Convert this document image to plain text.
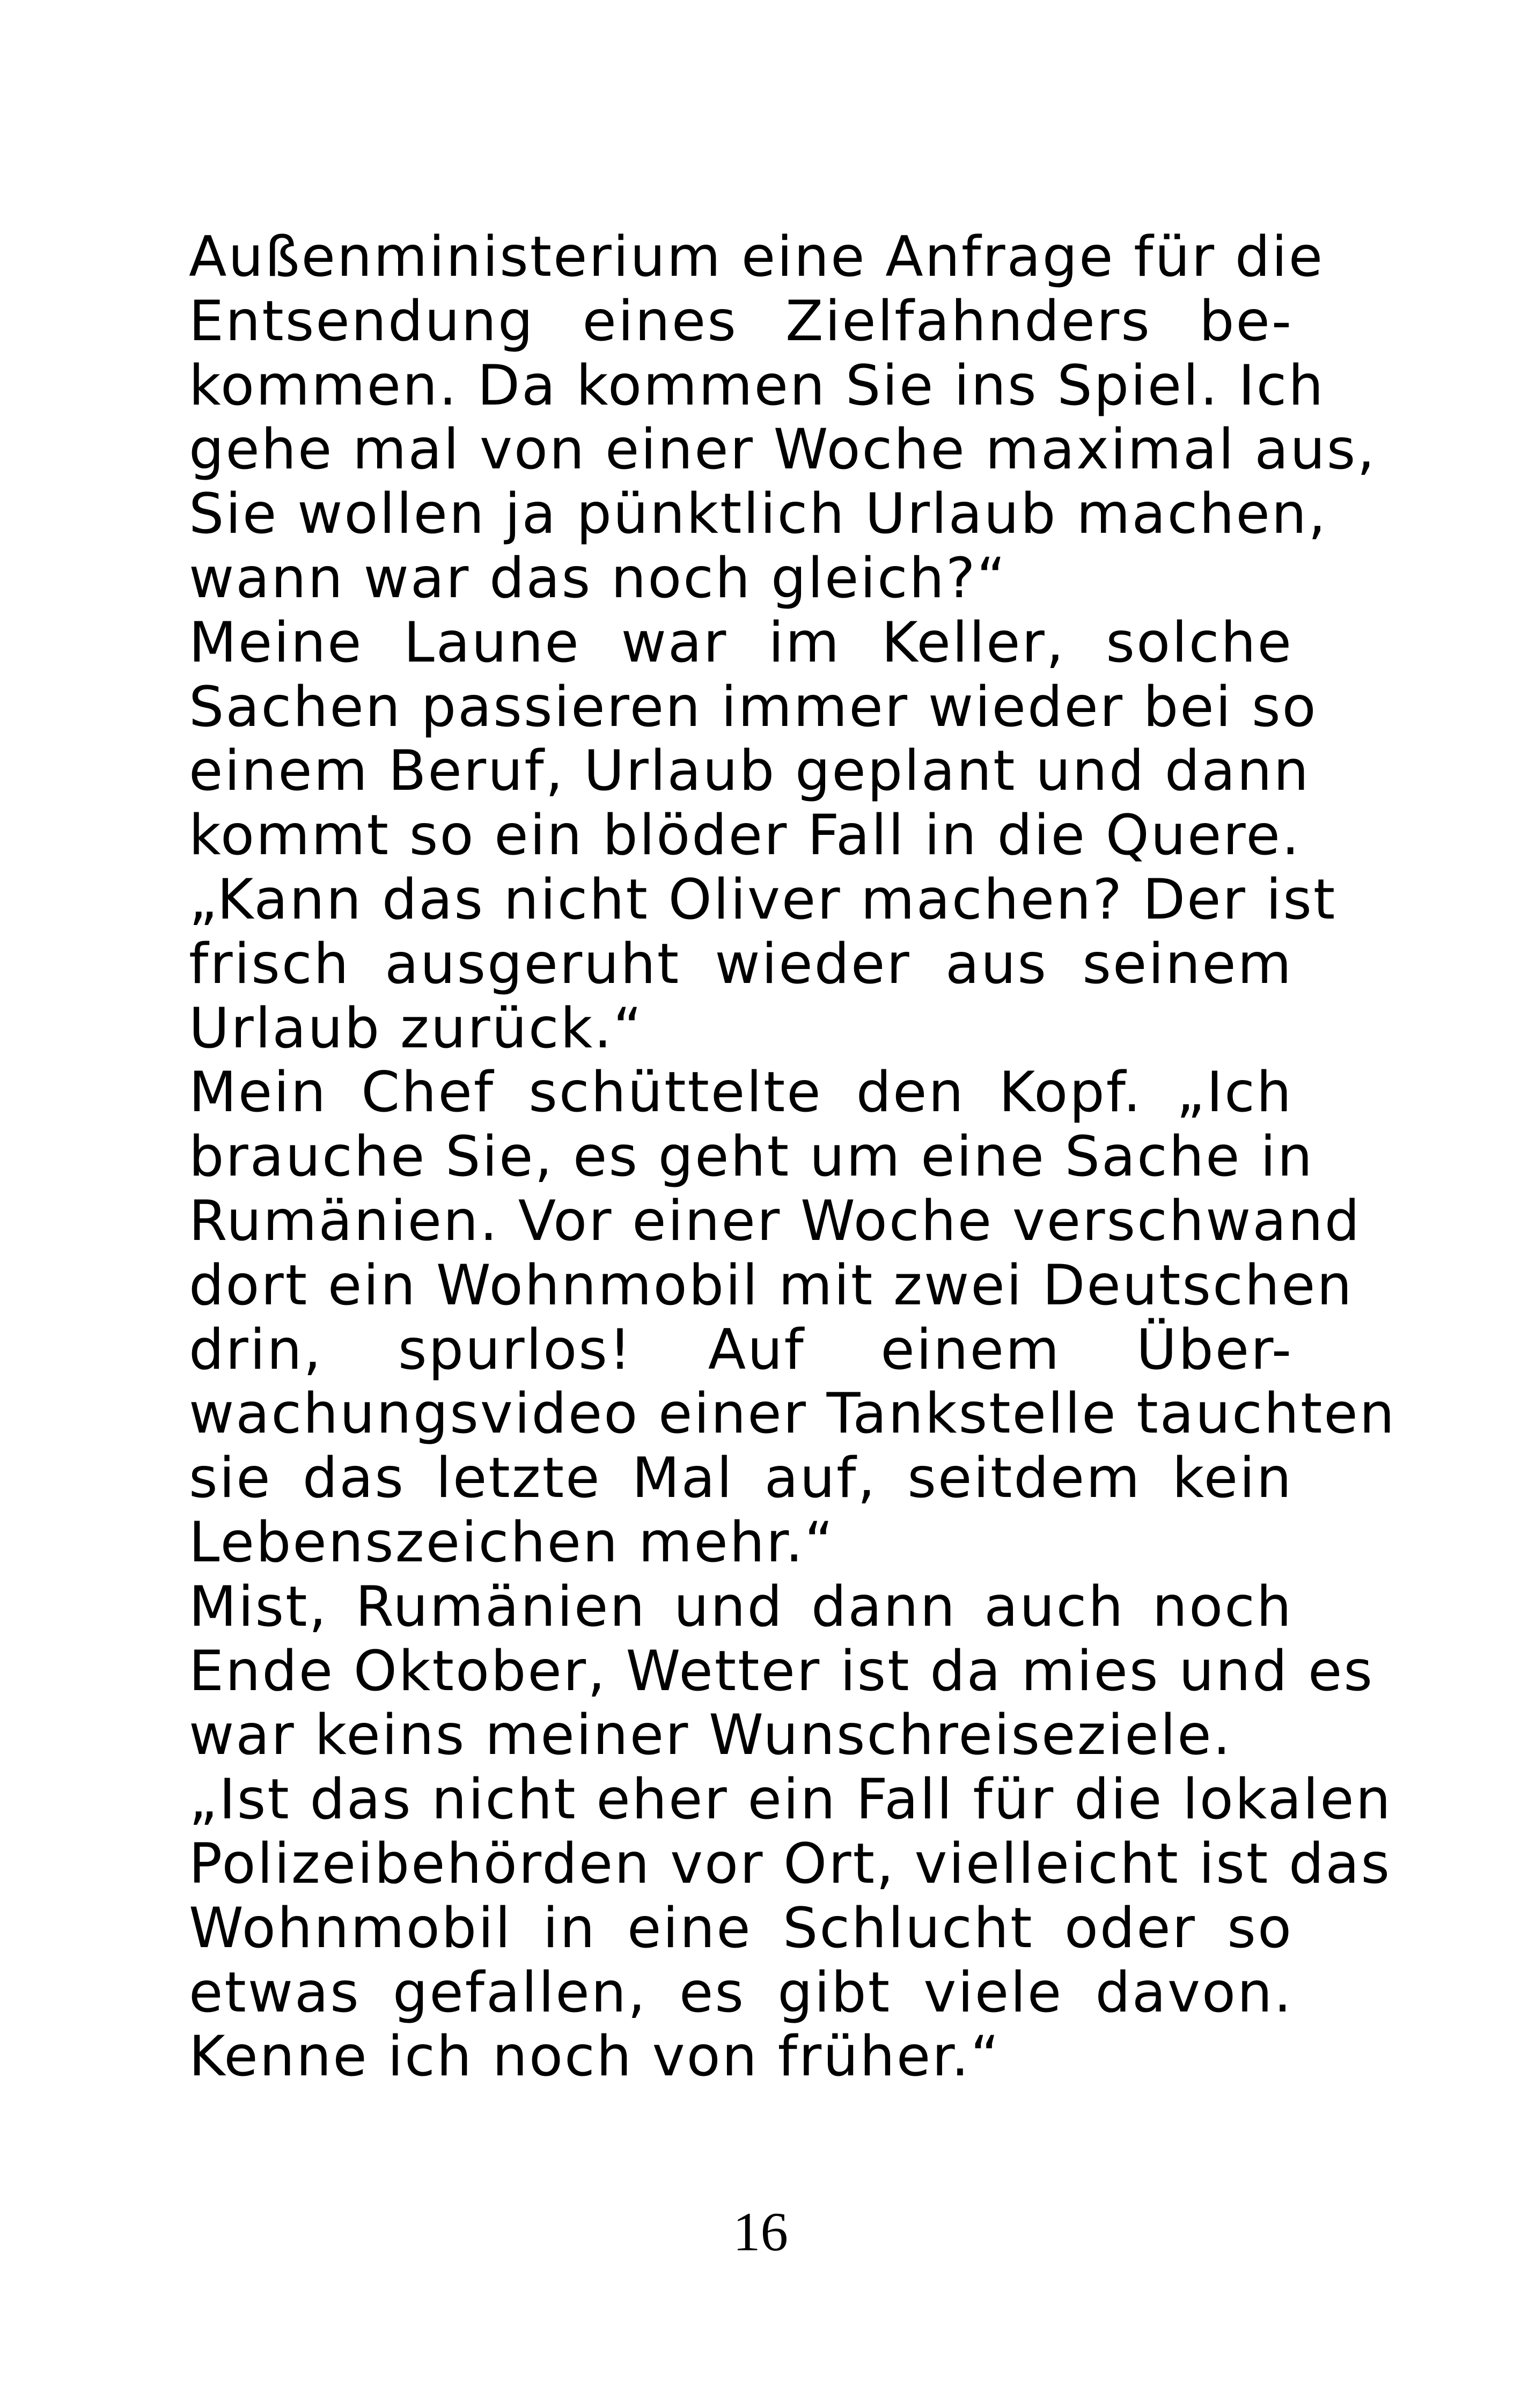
Außenministerium eine Anfrage für die
Entsendung eines Zielfahnders be-
kommen. Da kommen Sie ins Spiel. Ich
gehe mal von einer Woche maximal aus,
Sie wollen ja pünktlich Urlaub machen,
wann war das noch gleich?“
Meine Laune war im Keller, solche
Sachen passieren immer wieder bei so
einem Beruf, Urlaub geplant und dann
kommt so ein blöder Fall in die Quere.
„Kann das nicht Oliver machen? Der ist
frisch ausgeruht wieder aus seinem
Urlaub zurück.“
Mein Chef schüttelte den Kopf. „Ich
brauche Sie, es geht um eine Sache in
Rumänien. Vor einer Woche verschwand
dort ein Wohnmobil mit zwei Deutschen
drin, spurlos! Auf einem Über-
wachungsvideo einer Tankstelle tauchten
sie das letzte Mal auf, seitdem kein
Lebenszeichen mehr.“
Mist, Rumänien und dann auch noch
Ende Oktober, Wetter ist da mies und es
war keins meiner Wunschreiseziele.
„Ist das nicht eher ein Fall für die lokalen
Polizeibehörden vor Ort, vielleicht ist das
Wohnmobil in eine Schlucht oder so
etwas gefallen, es gibt viele davon.
Kenne ich noch von früher.“
16
